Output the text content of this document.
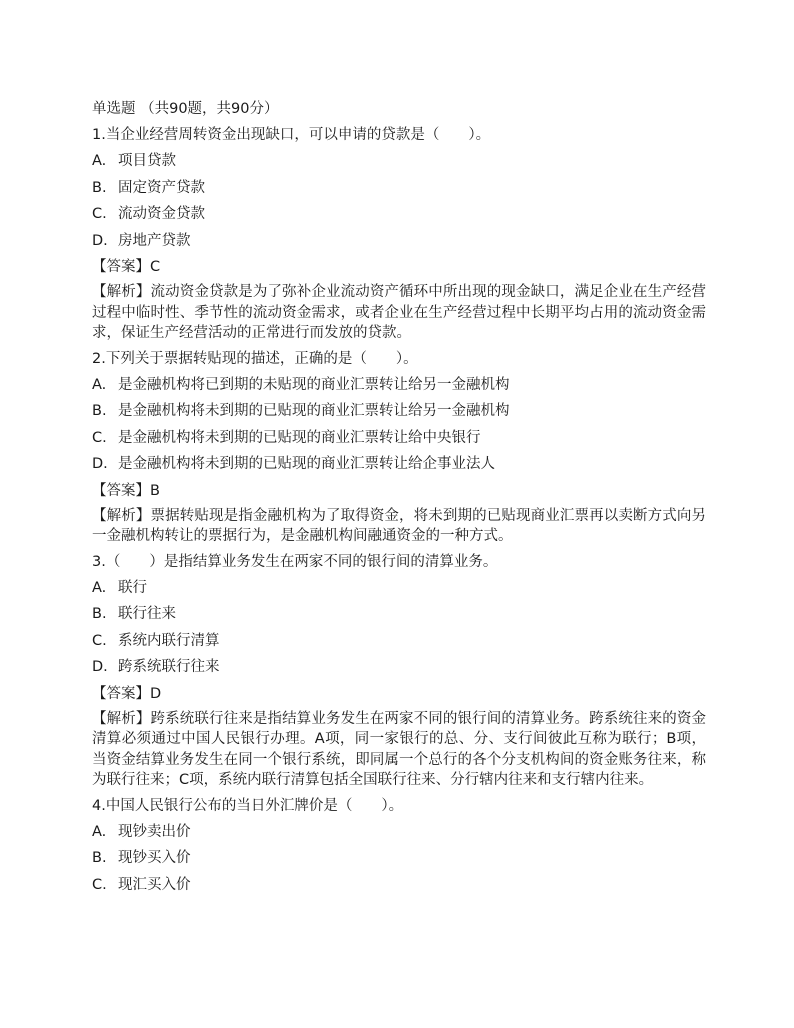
单选题 （共90题，共90分）
1.当企业经营周转资金出现缺口，可以申请的贷款是（　　）。
A. 项目贷款
B. 固定资产贷款
C. 流动资金贷款
D. 房地产贷款
【答案】C
【解析】流动资金贷款是为了弥补企业流动资产循环中所出现的现金缺口，满足企业在生产经营过程中临时性、季节性的流动资金需求，或者企业在生产经营过程中长期平均占用的流动资金需求，保证生产经营活动的正常进行而发放的贷款。
2.下列关于票据转贴现的描述，正确的是（　　）。
A. 是金融机构将已到期的未贴现的商业汇票转让给另一金融机构
B. 是金融机构将未到期的已贴现的商业汇票转让给另一金融机构
C. 是金融机构将未到期的已贴现的商业汇票转让给中央银行
D. 是金融机构将未到期的已贴现的商业汇票转让给企事业法人
【答案】B
【解析】票据转贴现是指金融机构为了取得资金，将未到期的已贴现商业汇票再以卖断方式向另一金融机构转让的票据行为，是金融机构间融通资金的一种方式。
3.（　　）是指结算业务发生在两家不同的银行间的清算业务。
A. 联行
B. 联行往来
C. 系统内联行清算
D. 跨系统联行往来
【答案】D
【解析】跨系统联行往来是指结算业务发生在两家不同的银行间的清算业务。跨系统往来的资金清算必须通过中国人民银行办理。A项，同一家银行的总、分、支行间彼此互称为联行；B项，当资金结算业务发生在同一个银行系统，即同属一个总行的各个分支机构间的资金账务往来，称为联行往来；C项，系统内联行清算包括全国联行往来、分行辖内往来和支行辖内往来。
4.中国人民银行公布的当日外汇牌价是（　　）。
A. 现钞卖出价
B. 现钞买入价
C. 现汇买入价
